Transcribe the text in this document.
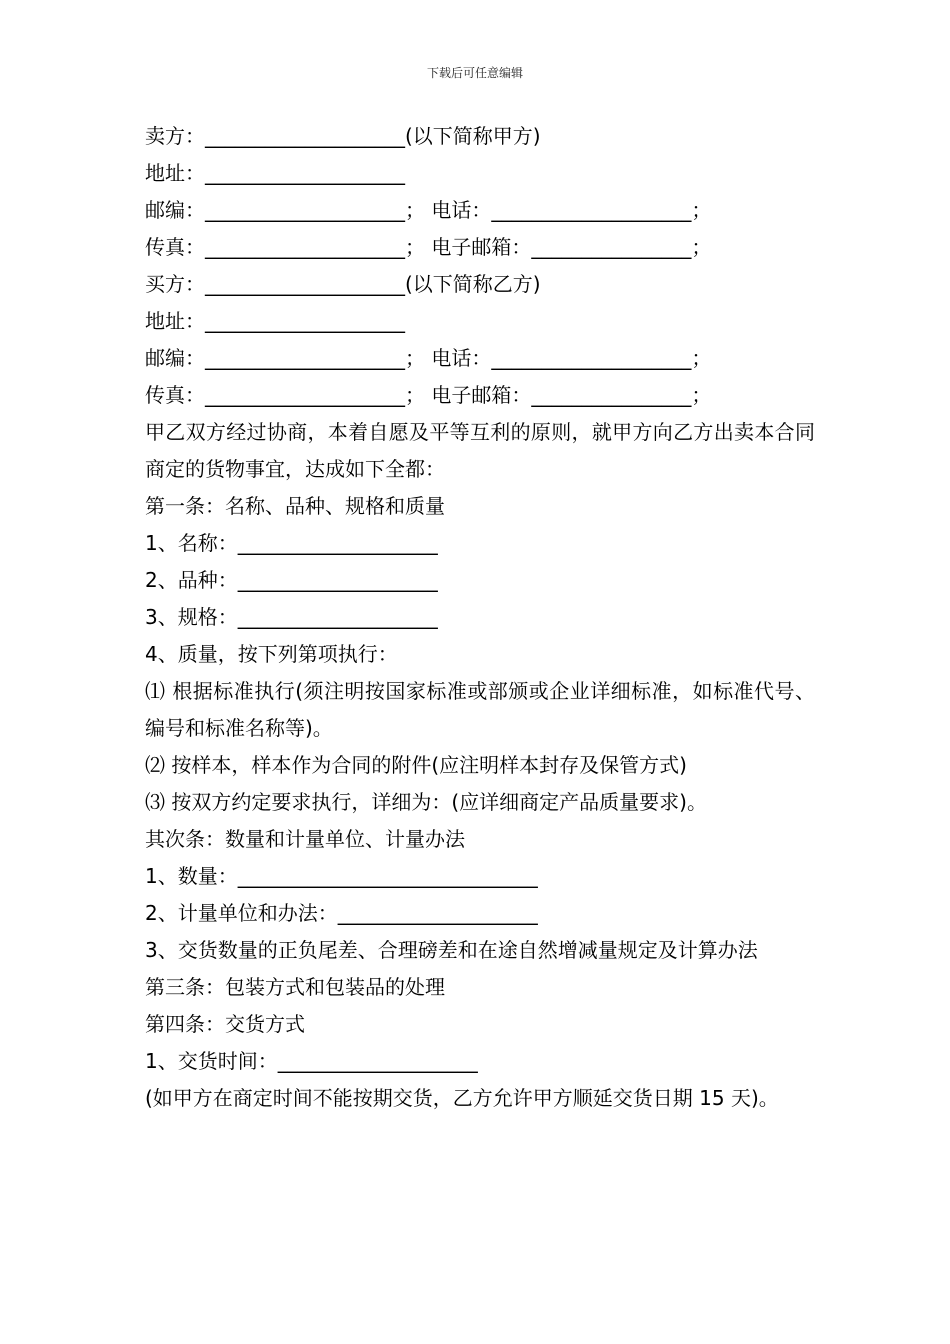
下载后可任意编辑

卖方：____________________(以下简称甲方)

地址：____________________

邮编：____________________； 电话：____________________；

传真：____________________； 电子邮箱：________________；

买方：____________________(以下简称乙方)

地址：____________________

邮编：____________________； 电话：____________________；

传真：____________________； 电子邮箱：________________；

甲乙双方经过协商，本着自愿及平等互利的原则，就甲方向乙方出卖本合同商定的货物事宜，达成如下全都：

第一条：名称、品种、规格和质量

1、名称：____________________

2、品种：____________________

3、规格：____________________

4、质量，按下列第项执行：

⑴ 根据标准执行(须注明按国家标准或部颁或企业详细标准，如标准代号、编号和标准名称等)。

⑵ 按样本，样本作为合同的附件(应注明样本封存及保管方式)

⑶ 按双方约定要求执行，详细为：(应详细商定产品质量要求)。

其次条：数量和计量单位、计量办法

1、数量：______________________________

2、计量单位和办法：____________________

3、交货数量的正负尾差、合理磅差和在途自然增减量规定及计算办法

第三条：包装方式和包装品的处理

第四条：交货方式

1、交货时间：____________________

(如甲方在商定时间不能按期交货，乙方允许甲方顺延交货日期 15 天)。
